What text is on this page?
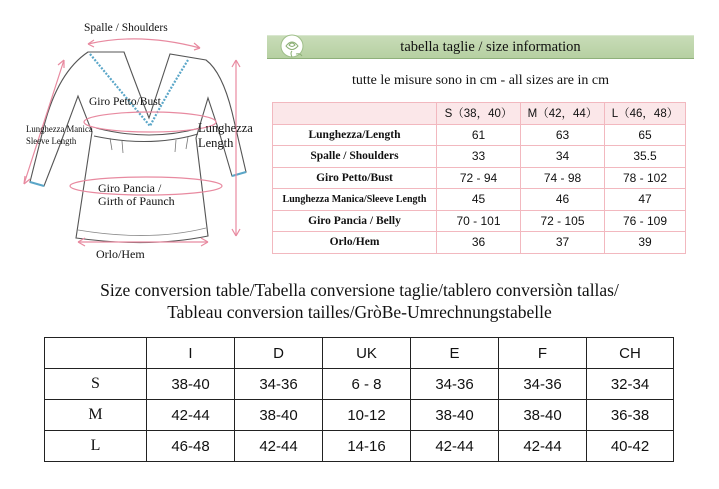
Spalle / Shoulders
Giro Petto/Bust
Lunghezza Manica
Sleeve Length
Lunghezza
Length
Giro Pancia /
Girth of Paunch
Orlo/Hem
tabella taglie / size information
tutte le misure sono in cm - all sizes are in cm
	S（38，40）	M（42，44）	L（46，48）
Lunghezza/Length	61	63	65
Spalle / Shoulders	33	34	35.5
Giro Petto/Bust	72 - 94	74 - 98	78 - 102
Lunghezza Manica/Sleeve Length	45	46	47
Giro Pancia / Belly	70 - 101	72 - 105	76 - 109
Orlo/Hem	36	37	39
Size conversion table/Tabella conversione taglie/tablero conversiòn tallas/
Tableau conversion tailles/GròBe-Umrechnungstabelle
	I	D	UK	E	F	CH
S	38-40	34-36	6 - 8	34-36	34-36	32-34
M	42-44	38-40	10-12	38-40	38-40	36-38
L	46-48	42-44	14-16	42-44	42-44	40-42
